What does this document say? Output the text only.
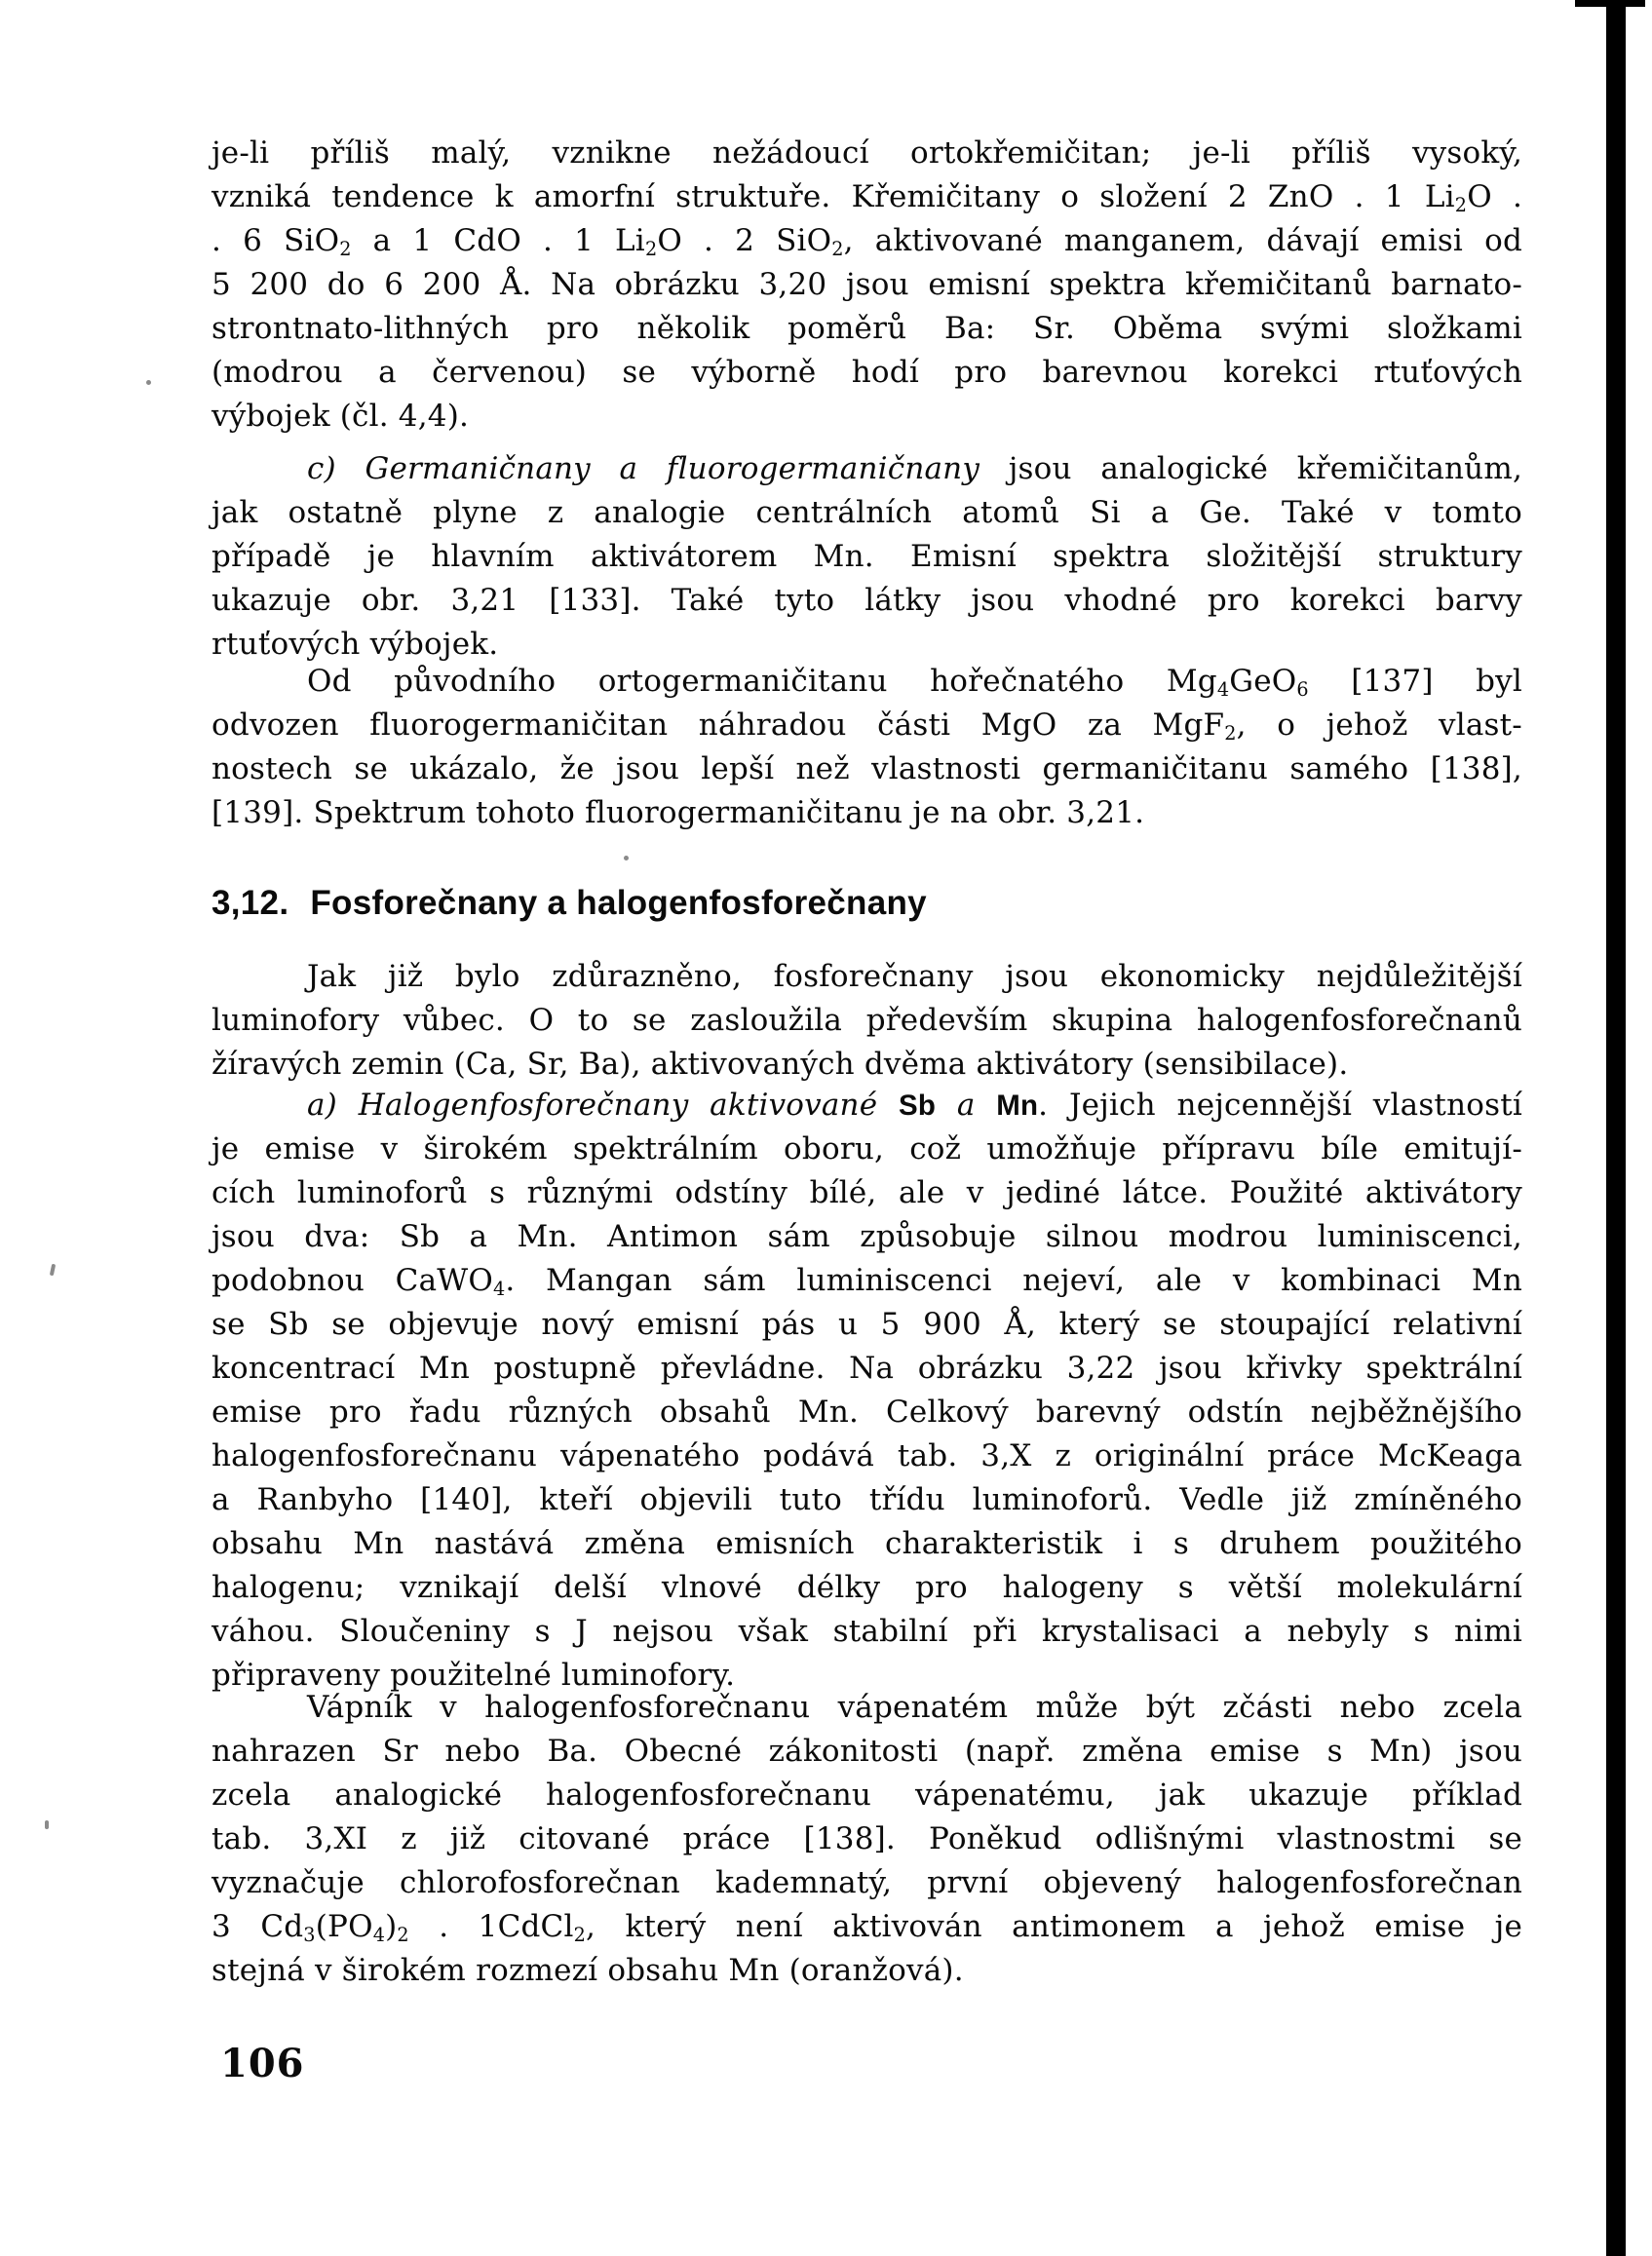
je-li příliš malý, vznikne nežádoucí ortokřemičitan; je-li příliš vysoký,
vzniká tendence k amorfní struktuře. Křemičitany o složení 2 ZnO . 1 $Li_2O$ .
. 6 SiO$_2$ a 1 CdO . 1 $Li_2O$ . 2 SiO$_2$, aktivované manganem, dávají emisi od
5 200 do 6 200 Å. Na obrázku 3,20 jsou emisní spektra křemičitanů barnato-
strontnato-lithných pro několik poměrů Ba: Sr. Oběma svými složkami
(modrou a červenou) se výborně hodí pro barevnou korekci rtuťových
výbojek (čl. 4,4).

c) Germaničnany a fluorogermaničnany jsou analogické křemičitanům,
jak ostatně plyne z analogie centrálních atomů Si a Ge. Také v tomto
případě je hlavním aktivátorem Mn. Emisní spektra složitější struktury
ukazuje obr. 3,21 [133]. Také tyto látky jsou vhodné pro korekci barvy
rtuťových výbojek.

Od původního ortogermaničitanu hořečnatého $Mg_4GeO_6$ [137] byl
odvozen fluorogermaničitan náhradou části MgO za MgF$_2$, o jehož vlast-
nostech se ukázalo, že jsou lepší než vlastnosti germaničitanu samého [138],
[139]. Spektrum tohoto fluorogermaničitanu je na obr. 3,21.

3,12. Fosforečnany a halogenfosforečnany

Jak již bylo zdůrazněno, fosforečnany jsou ekonomicky nejdůležitější
luminofory vůbec. O to se zasloužila především skupina halogenfosforečnanů
žíravých zemin (Ca, Sr, Ba), aktivovaných dvěma aktivátory (sensibilace).

a) Halogenfosforečnany aktivované Sb a Mn. Jejich nejcennější vlastností
je emise v širokém spektrálním oboru, což umožňuje přípravu bíle emitují-
cích luminoforů s různými odstíny bílé, ale v jediné látce. Použité aktivátory
jsou dva: Sb a Mn. Antimon sám způsobuje silnou modrou luminiscenci,
podobnou CaWO$_4$. Mangan sám luminiscenci nejeví, ale v kombinaci Mn
se Sb se objevuje nový emisní pás u 5 900 Å, který se stoupající relativní
koncentrací Mn postupně převládne. Na obrázku 3,22 jsou křivky spektrální
emise pro řadu různých obsahů Mn. Celkový barevný odstín nejběžnějšího
halogenfosforečnanu vápenatého podává tab. 3,X z originální práce McKeaga
a Ranbyho [140], kteří objevili tuto třídu luminoforů. Vedle již zmíněného
obsahu Mn nastává změna emisních charakteristik i s druhem použitého
halogenu; vznikají delší vlnové délky pro halogeny s větší molekulární
váhou. Sloučeniny s J nejsou však stabilní při krystalisaci a nebyly s nimi
připraveny použitelné luminofory.

Vápník v halogenfosforečnanu vápenatém může být zčásti nebo zcela
nahrazen Sr nebo Ba. Obecné zákonitosti (např. změna emise s Mn) jsou
zcela analogické halogenfosforečnanu vápenatému, jak ukazuje příklad
tab. 3,XI z již citované práce [138]. Poněkud odlišnými vlastnostmi se
vyznačuje chlorofosforečnan kademnatý, první objevený halogenfosforečnan
3 $Cd_3(PO_4)_2$ . 1CdCl$_2$, který není aktivován antimonem a jehož emise je
stejná v širokém rozmezí obsahu Mn (oranžová).

106
